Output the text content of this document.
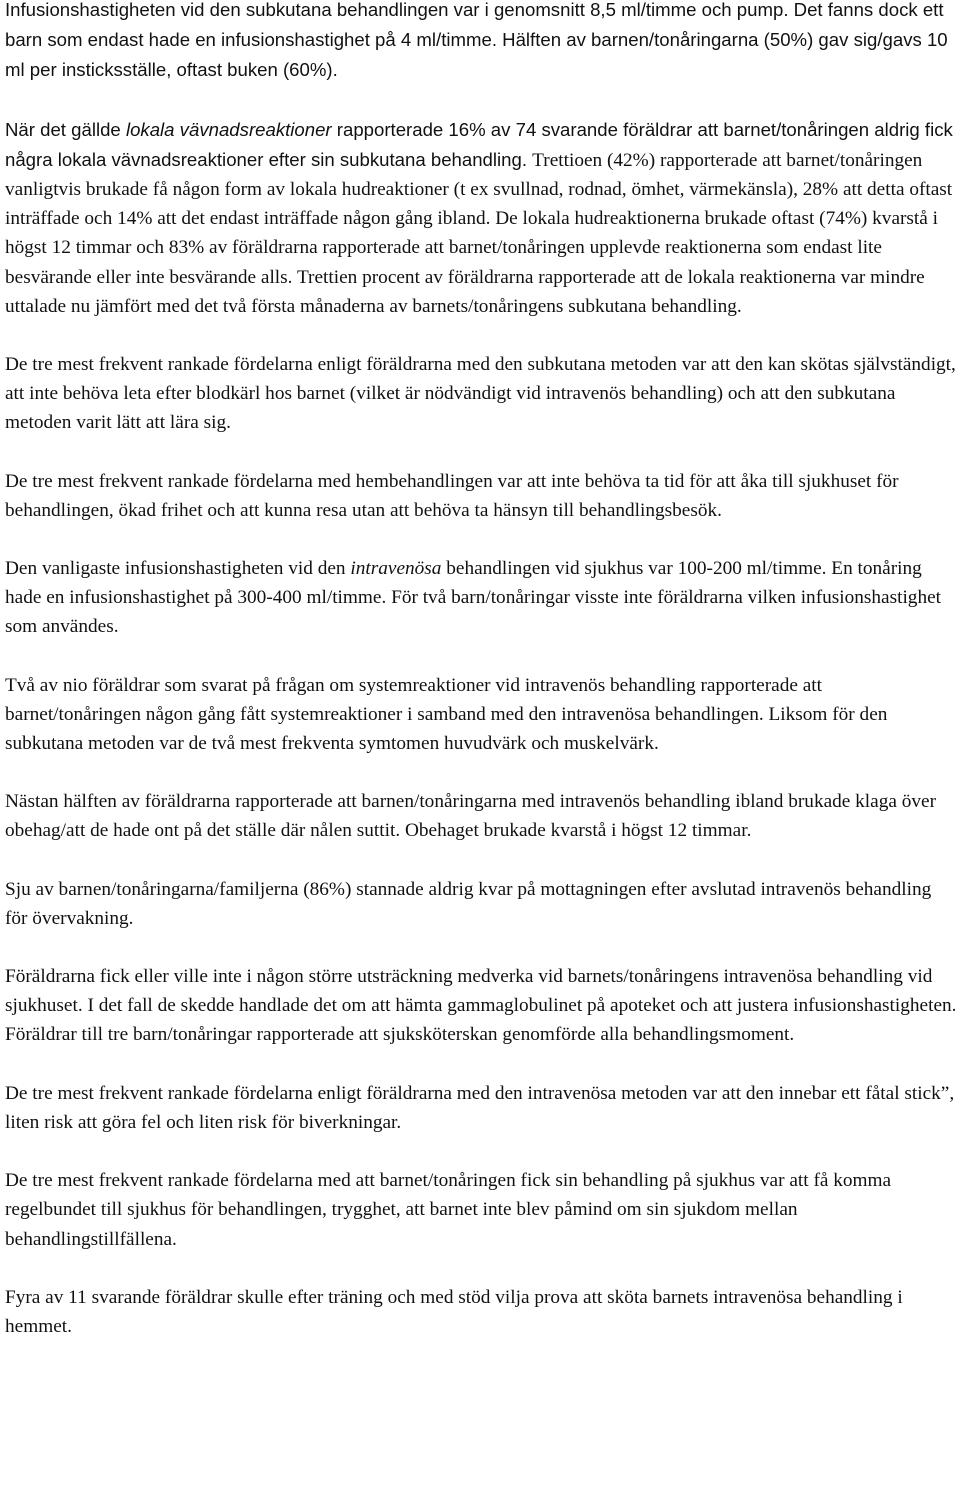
Infusionshastigheten vid den subkutana behandlingen var i genomsnitt 8,5 ml/timme och pump. Det fanns dock ett barn som endast hade en infusionshastighet på 4 ml/timme. Hälften av barnen/tonåringarna (50%) gav sig/gavs 10 ml per insticksställe, oftast buken (60%).

När det gällde lokala vävnadsreaktioner rapporterade 16% av 74 svarande föräldrar att barnet/tonåringen aldrig fick några lokala vävnadsreaktioner efter sin subkutana behandling. Trettioen (42%) rapporterade att barnet/tonåringen vanligtvis brukade få någon form av lokala hudreaktioner (t ex svullnad, rodnad, ömhet, värmekänsla), 28% att detta oftast inträffade och 14% att det endast inträffade någon gång ibland. De lokala hudreaktionerna brukade oftast (74%) kvarstå i högst 12 timmar och 83% av föräldrarna rapporterade att barnet/tonåringen upplevde reaktionerna som endast lite besvärande eller inte besvärande alls. Trettien procent av föräldrarna rapporterade att de lokala reaktionerna var mindre uttalade nu jämfört med det två första månaderna av barnets/tonåringens subkutana behandling.

De tre mest frekvent rankade fördelarna enligt föräldrarna med den subkutana metoden var att den kan skötas självständigt, att inte behöva leta efter blodkärl hos barnet (vilket är nödvändigt vid intravenös behandling) och att den subkutana metoden varit lätt att lära sig.

De tre mest frekvent rankade fördelarna med hembehandlingen var att inte behöva ta tid för att åka till sjukhuset för behandlingen, ökad frihet och att kunna resa utan att behöva ta hänsyn till behandlingsbesök.

Den vanligaste infusionshastigheten vid den intravenösa behandlingen vid sjukhus var 100-200 ml/timme. En tonåring hade en infusionshastighet på 300-400 ml/timme. För två barn/tonåringar visste inte föräldrarna vilken infusionshastighet som användes.

Två av nio föräldrar som svarat på frågan om systemreaktioner vid intravenös behandling rapporterade att barnet/tonåringen någon gång fått systemreaktioner i samband med den intravenösa behandlingen. Liksom för den subkutana metoden var de två mest frekventa symtomen huvudvärk och muskelvärk.

Nästan hälften av föräldrarna rapporterade att barnen/tonåringarna med intravenös behandling ibland brukade klaga över obehag/att de hade ont på det ställe där nålen suttit. Obehaget brukade kvarstå i högst 12 timmar.

Sju av barnen/tonåringarna/familjerna (86%) stannade aldrig kvar på mottagningen efter avslutad intravenös behandling för övervakning.

Föräldrarna fick eller ville inte i någon större utsträckning medverka vid barnets/tonåringens intravenösa behandling vid sjukhuset. I det fall de skedde handlade det om att hämta gammaglobulinet på apoteket och att justera infusionshastigheten. Föräldrar till tre barn/tonåringar rapporterade att sjuksköterskan genomförde alla behandlingsmoment.

De tre mest frekvent rankade fördelarna enligt föräldrarna med den intravenösa metoden var att den innebar ett fåtal stick”, liten risk att göra fel och liten risk för biverkningar.

De tre mest frekvent rankade fördelarna med att barnet/tonåringen fick sin behandling på sjukhus var att få komma regelbundet till sjukhus för behandlingen, trygghet, att barnet inte blev påmind om sin sjukdom mellan behandlingstillfällena.

Fyra av 11 svarande föräldrar skulle efter träning och med stöd vilja prova att sköta barnets intravenösa behandling i hemmet.
